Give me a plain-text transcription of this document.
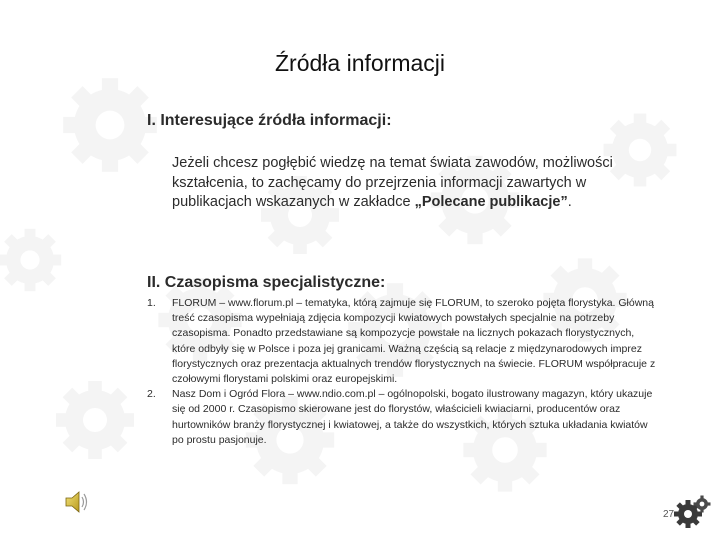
Źródła informacji
I. Interesujące źródła informacji:
Jeżeli chcesz pogłębić wiedzę na temat świata zawodów, możliwości kształcenia, to zachęcamy do przejrzenia informacji zawartych w publikacjach wskazanych w zakładce „Polecane publikacje”.
II. Czasopisma specjalistyczne:
1.	FLORUM – www.florum.pl – tematyka, którą zajmuje się FLORUM, to szeroko pojęta florystyka. Główną treść czasopisma wypełniają zdjęcia kompozycji kwiatowych powstałych specjalnie na potrzeby czasopisma. Ponadto przedstawiane są kompozycje powstałe na licznych pokazach florystycznych, które odbyły się w Polsce i poza jej granicami. Ważną częścią są relacje z międzynarodowych imprez florystycznych oraz prezentacja aktualnych trendów florystycznych na świecie. FLORUM współpracuje z czołowymi florystami polskimi oraz europejskimi.
2.	Nasz Dom i Ogród Flora – www.ndio.com.pl – ogólnopolski, bogato ilustrowany magazyn, który ukazuje się od 2000 r. Czasopismo skierowane jest do florystów, właścicieli kwiaciarni, producentów oraz hurtowników branży florystycznej i kwiatowej, a także do wszystkich, których sztuka układania kwiatów po prostu pasjonuje.
27
